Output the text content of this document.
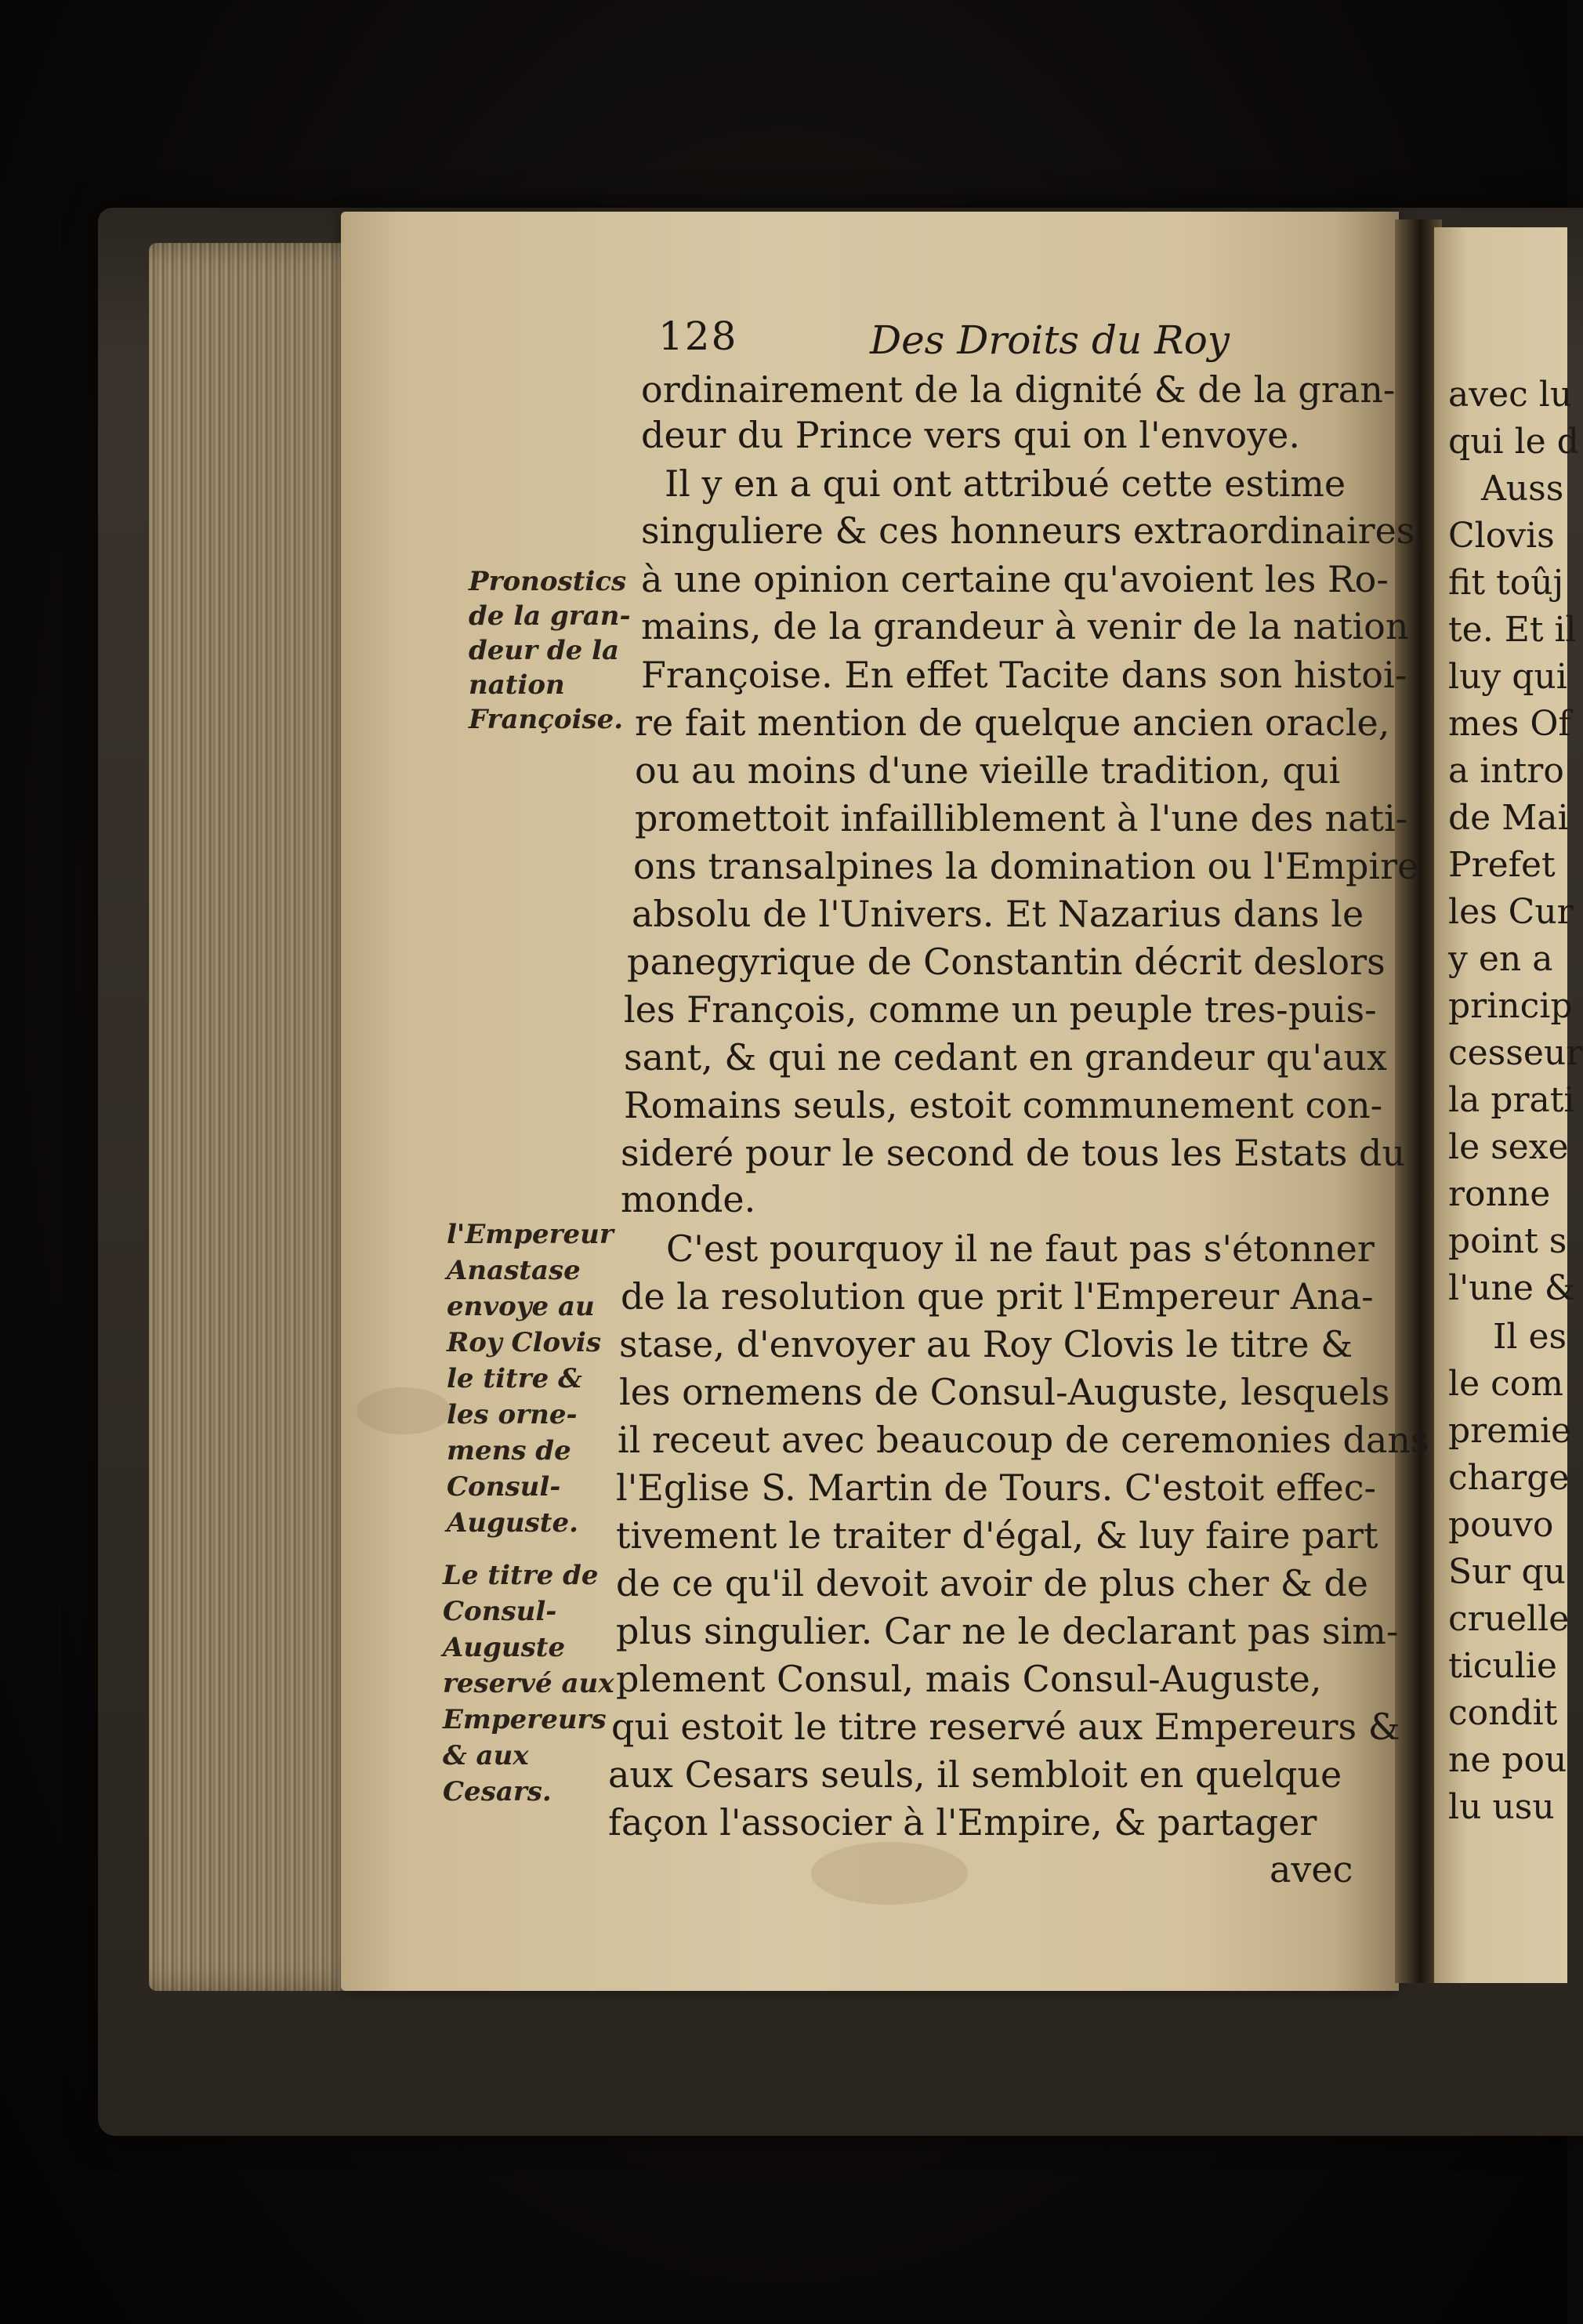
128	Des Droits du Roy
ordinairement de la dignité & de la gran-
deur du Prince vers qui on l'envoye.
Il y en a qui ont attribué cette estime
singuliere & ces honneurs extraordinaires,
à une opinion certaine qu'avoient les Ro-
mains, de la grandeur à venir de la nation
Françoise. En effet Tacite dans son histoi-
re fait mention de quelque ancien oracle,
ou au moins d'une vieille tradition, qui
promettoit infailliblement à l'une des nati-
ons transalpines la domination ou l'Empire
absolu de l'Univers. Et Nazarius dans le
panegyrique de Constantin décrit deslors
les François, comme un peuple tres-puis-
sant, & qui ne cedant en grandeur qu'aux
Romains seuls, estoit communement con-
sideré pour le second de tous les Estats du
monde.
C'est pourquoy il ne faut pas s'étonner
de la resolution que prit l'Empereur Ana-
stase, d'envoyer au Roy Clovis le titre &
les ornemens de Consul-Auguste, lesquels
il receut avec beaucoup de ceremonies dans
l'Eglise S. Martin de Tours. C'estoit effec-
tivement le traiter d'égal, & luy faire part
de ce qu'il devoit avoir de plus cher & de
plus singulier. Car ne le declarant pas sim-
plement Consul, mais Consul-Auguste,
qui estoit le titre reservé aux Empereurs &
aux Cesars seuls, il sembloit en quelque
façon l'associer à l'Empire, & partager
avec
Pronostics
de la gran-
deur de la
nation
Françoise.
l'Empereur
Anastase
envoye au
Roy Clovis
le titre &
les orne-
mens de
Consul-
Auguste.
Le titre de
Consul-
Auguste
reservé aux
Empereurs
& aux
Cesars.
avec lu
qui le d
Auss
Clovis
fit toûj
te. Et il
luy qui
mes Of
a intro
de Mai
Prefet
les Cur
y en a
princip
cesseur
la prati
le sexe
ronne
point s
l'une &
Il es
le com
premie
charge
pouvo
Sur qu
cruelle
ticulie
condit
ne pou
lu usu
